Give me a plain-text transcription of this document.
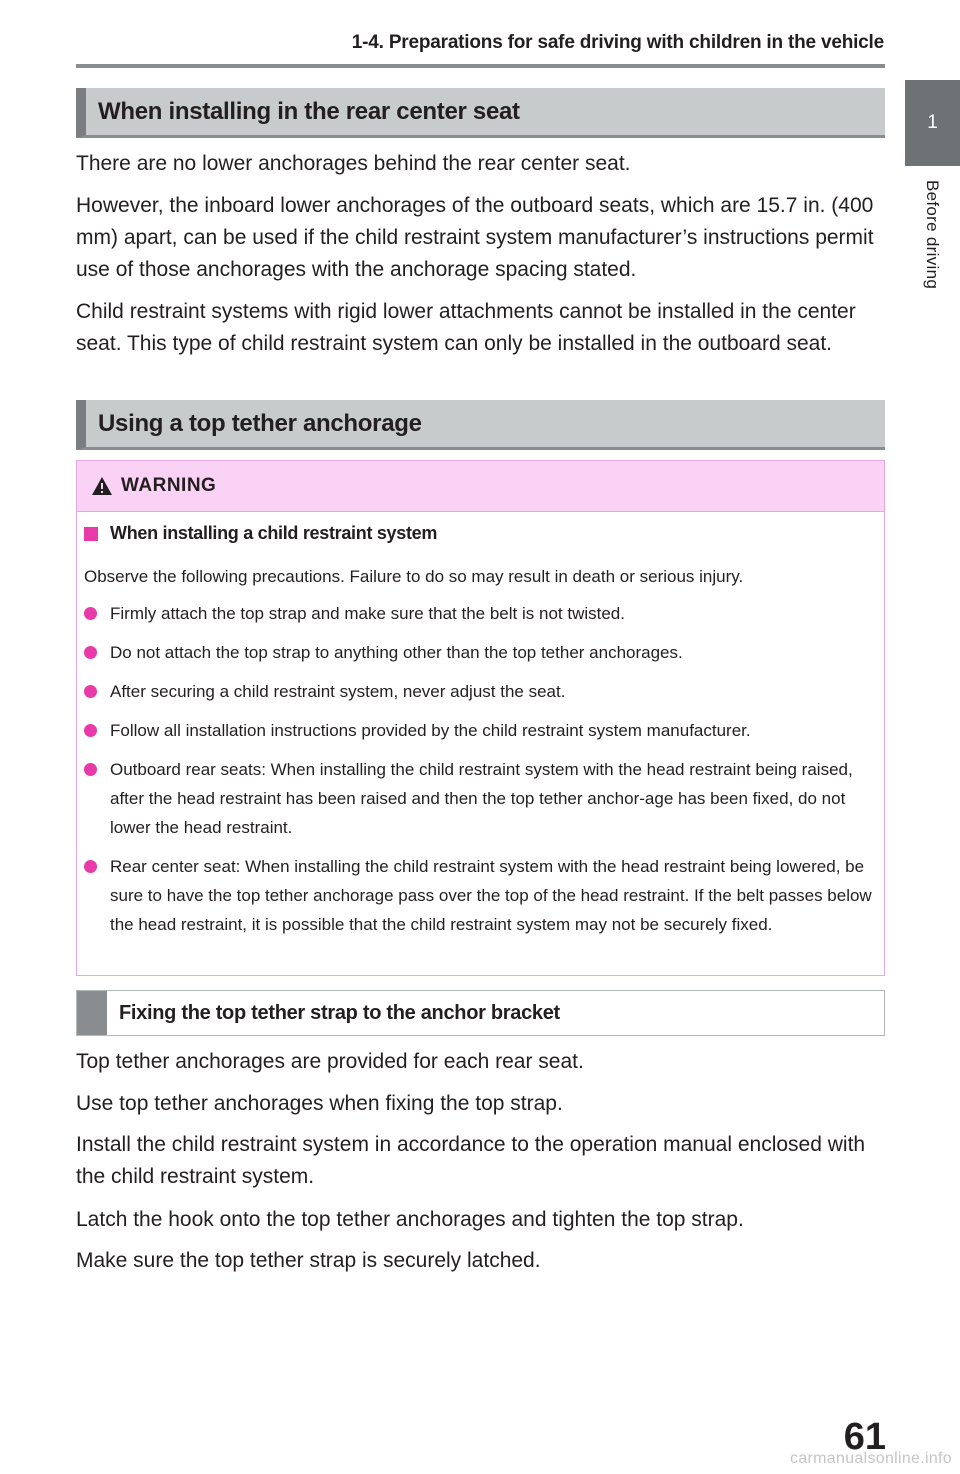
1-4. Preparations for safe driving with children in the vehicle
1
Before driving
When installing in the rear center seat

There are no lower anchorages behind the rear center seat.

However, the inboard lower anchorages of the outboard seats, which are 15.7 in. (400 mm) apart, can be used if the child restraint system manufacturer’s instructions permit use of those anchorages with the anchorage spacing stated.

Child restraint systems with rigid lower attachments cannot be installed in the center seat. This type of child restraint system can only be installed in the outboard seat.

Using a top tether anchorage
WARNING
When installing a child restraint system

Observe the following precautions. Failure to do so may result in death or serious injury.

Firmly attach the top strap and make sure that the belt is not twisted.
Do not attach the top strap to anything other than the top tether anchorages.
After securing a child restraint system, never adjust the seat.
Follow all installation instructions provided by the child restraint system manufacturer.
Outboard rear seats: When installing the child restraint system with the head restraint being raised, after the head restraint has been raised and then the top tether anchor-age has been fixed, do not lower the head restraint.
Rear center seat: When installing the child restraint system with the head restraint being lowered, be sure to have the top tether anchorage pass over the top of the head restraint. If the belt passes below the head restraint, it is possible that the child restraint system may not be securely fixed.
Fixing the top tether strap to the anchor bracket

Top tether anchorages are provided for each rear seat.

Use top tether anchorages when fixing the top strap.

Install the child restraint system in accordance to the operation manual enclosed with the child restraint system.

Latch the hook onto the top tether anchorages and tighten the top strap.

Make sure the top tether strap is securely latched.

61
carmanualsonline.info
